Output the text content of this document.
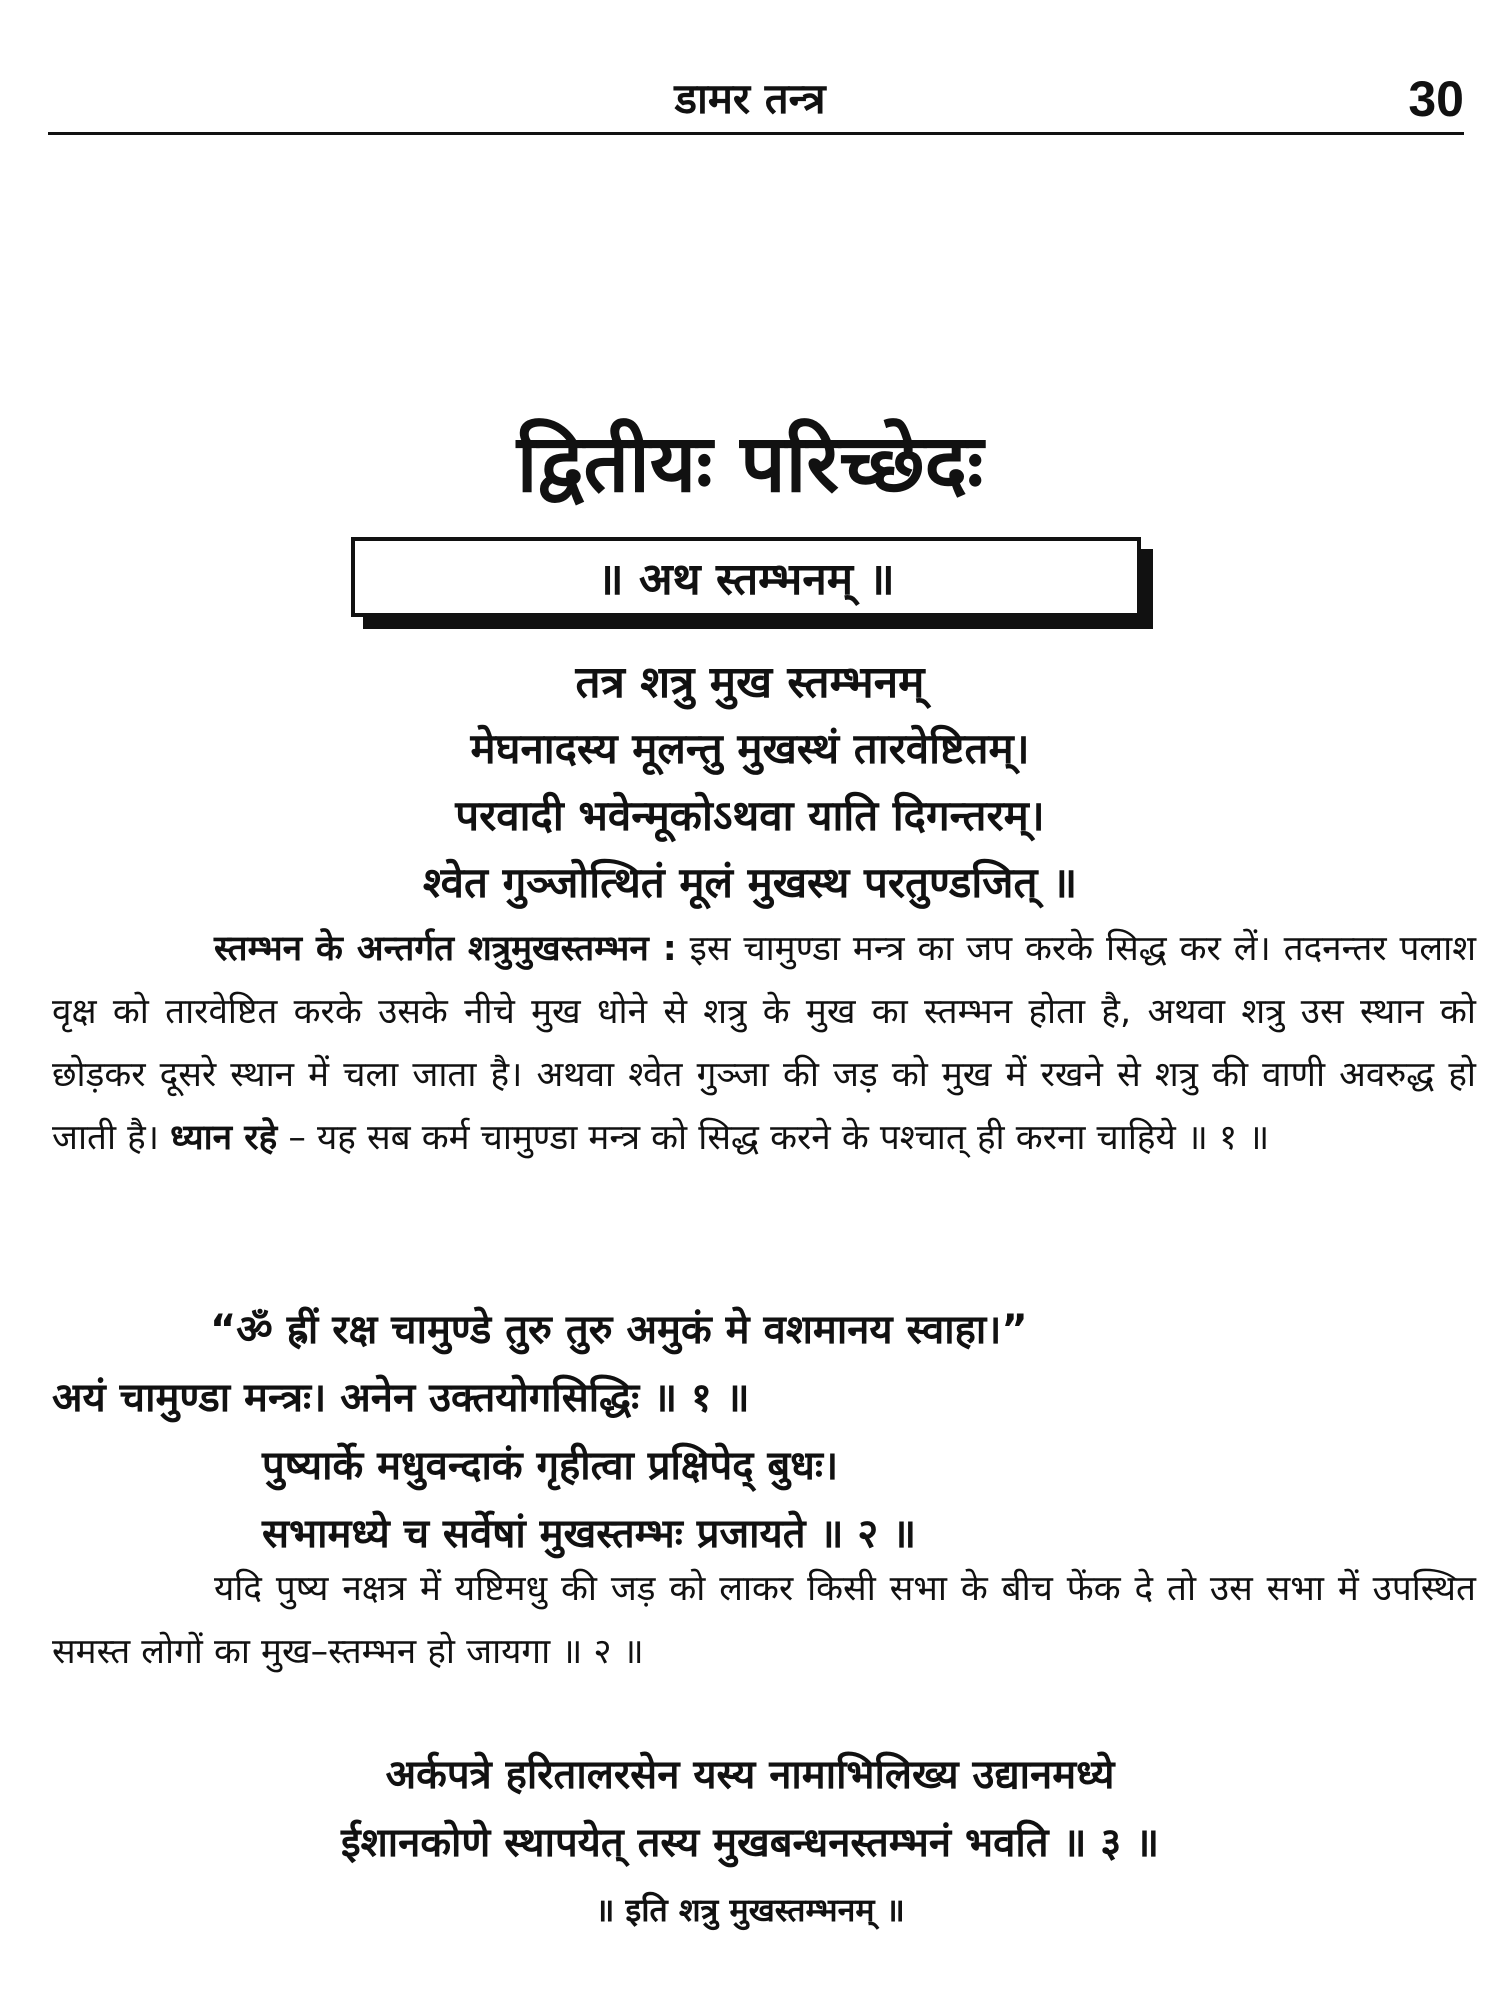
डामर तन्त्र	30
द्वितीयः परिच्छेदः
॥ अथ स्तम्भनम् ॥
तत्र शत्रु मुख स्तम्भनम्
मेघनादस्य मूलन्तु मुखस्थं तारवेष्टितम्।
परवादी भवेन्मूकोऽथवा याति दिगन्तरम्।
श्वेत गुञ्जोत्थितं मूलं मुखस्थ परतुण्डजित् ॥
स्तम्भन के अन्तर्गत शत्रुमुखस्तम्भन : इस चामुण्डा मन्त्र का जप करके सिद्ध कर लें। तदनन्तर पलाश वृक्ष को तारवेष्टित करके उसके नीचे मुख धोने से शत्रु के मुख का स्तम्भन होता है, अथवा शत्रु उस स्थान को छोड़कर दूसरे स्थान में चला जाता है। अथवा श्वेत गुञ्जा की जड़ को मुख में रखने से शत्रु की वाणी अवरुद्ध हो जाती है। ध्यान रहे – यह सब कर्म चामुण्डा मन्त्र को सिद्ध करने के पश्चात् ही करना चाहिये ॥ १ ॥
“ॐ ह्रीं रक्ष चामुण्डे तुरु तुरु अमुकं मे वशमानय स्वाहा।”
अयं चामुण्डा मन्त्रः। अनेन उक्तयोगसिद्धिः ॥ १ ॥
पुष्यार्के मधुवन्दाकं गृहीत्वा प्रक्षिपेद् बुधः।
सभामध्ये च सर्वेषां मुखस्तम्भः प्रजायते ॥ २ ॥
यदि पुष्य नक्षत्र में यष्टिमधु की जड़ को लाकर किसी सभा के बीच फेंक दे तो उस सभा में उपस्थित समस्त लोगों का मुख–स्तम्भन हो जायगा ॥ २ ॥
अर्कपत्रे हरितालरसेन यस्य नामाभिलिख्य उद्यानमध्ये
ईशानकोणे स्थापयेत् तस्य मुखबन्धनस्तम्भनं भवति ॥ ३ ॥
॥ इति शत्रु मुखस्तम्भनम् ॥
